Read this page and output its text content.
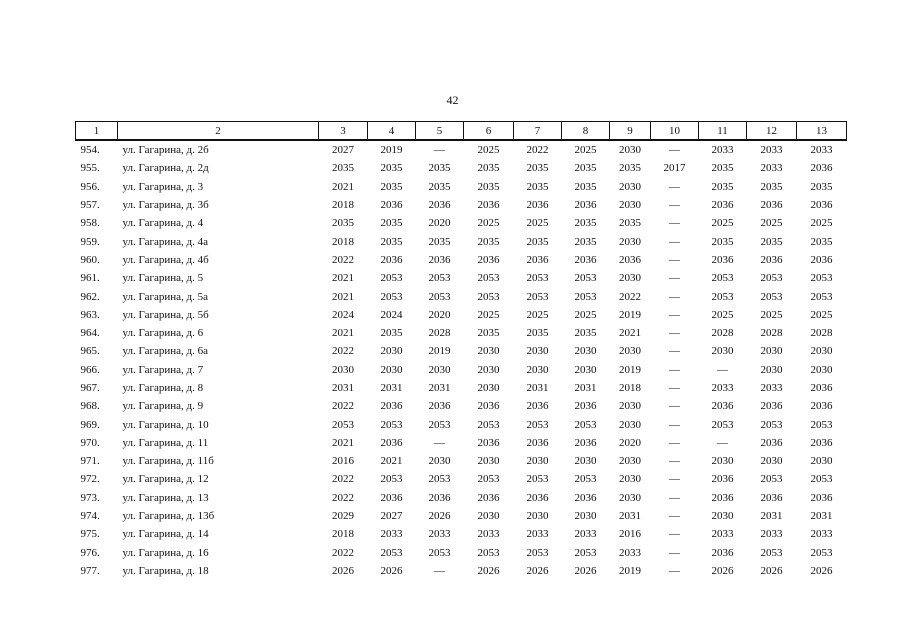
42
1	2	3	4	5	6	7	8	9	10	11	12	13
954.	ул. Гагарина, д. 2б	2027	2019	—	2025	2022	2025	2030	—	2033	2033	2033
955.	ул. Гагарина, д. 2д	2035	2035	2035	2035	2035	2035	2035	2017	2035	2033	2036
956.	ул. Гагарина, д. 3	2021	2035	2035	2035	2035	2035	2030	—	2035	2035	2035
957.	ул. Гагарина, д. 3б	2018	2036	2036	2036	2036	2036	2030	—	2036	2036	2036
958.	ул. Гагарина, д. 4	2035	2035	2020	2025	2025	2035	2035	—	2025	2025	2025
959.	ул. Гагарина, д. 4а	2018	2035	2035	2035	2035	2035	2030	—	2035	2035	2035
960.	ул. Гагарина, д. 4б	2022	2036	2036	2036	2036	2036	2036	—	2036	2036	2036
961.	ул. Гагарина, д. 5	2021	2053	2053	2053	2053	2053	2030	—	2053	2053	2053
962.	ул. Гагарина, д. 5а	2021	2053	2053	2053	2053	2053	2022	—	2053	2053	2053
963.	ул. Гагарина, д. 5б	2024	2024	2020	2025	2025	2025	2019	—	2025	2025	2025
964.	ул. Гагарина, д. 6	2021	2035	2028	2035	2035	2035	2021	—	2028	2028	2028
965.	ул. Гагарина, д. 6а	2022	2030	2019	2030	2030	2030	2030	—	2030	2030	2030
966.	ул. Гагарина, д. 7	2030	2030	2030	2030	2030	2030	2019	—	—	2030	2030
967.	ул. Гагарина, д. 8	2031	2031	2031	2030	2031	2031	2018	—	2033	2033	2036
968.	ул. Гагарина, д. 9	2022	2036	2036	2036	2036	2036	2030	—	2036	2036	2036
969.	ул. Гагарина, д. 10	2053	2053	2053	2053	2053	2053	2030	—	2053	2053	2053
970.	ул. Гагарина, д. 11	2021	2036	—	2036	2036	2036	2020	—	—	2036	2036
971.	ул. Гагарина, д. 11б	2016	2021	2030	2030	2030	2030	2030	—	2030	2030	2030
972.	ул. Гагарина, д. 12	2022	2053	2053	2053	2053	2053	2030	—	2036	2053	2053
973.	ул. Гагарина, д. 13	2022	2036	2036	2036	2036	2036	2030	—	2036	2036	2036
974.	ул. Гагарина, д. 13б	2029	2027	2026	2030	2030	2030	2031	—	2030	2031	2031
975.	ул. Гагарина, д. 14	2018	2033	2033	2033	2033	2033	2016	—	2033	2033	2033
976.	ул. Гагарина, д. 16	2022	2053	2053	2053	2053	2053	2033	—	2036	2053	2053
977.	ул. Гагарина, д. 18	2026	2026	—	2026	2026	2026	2019	—	2026	2026	2026
